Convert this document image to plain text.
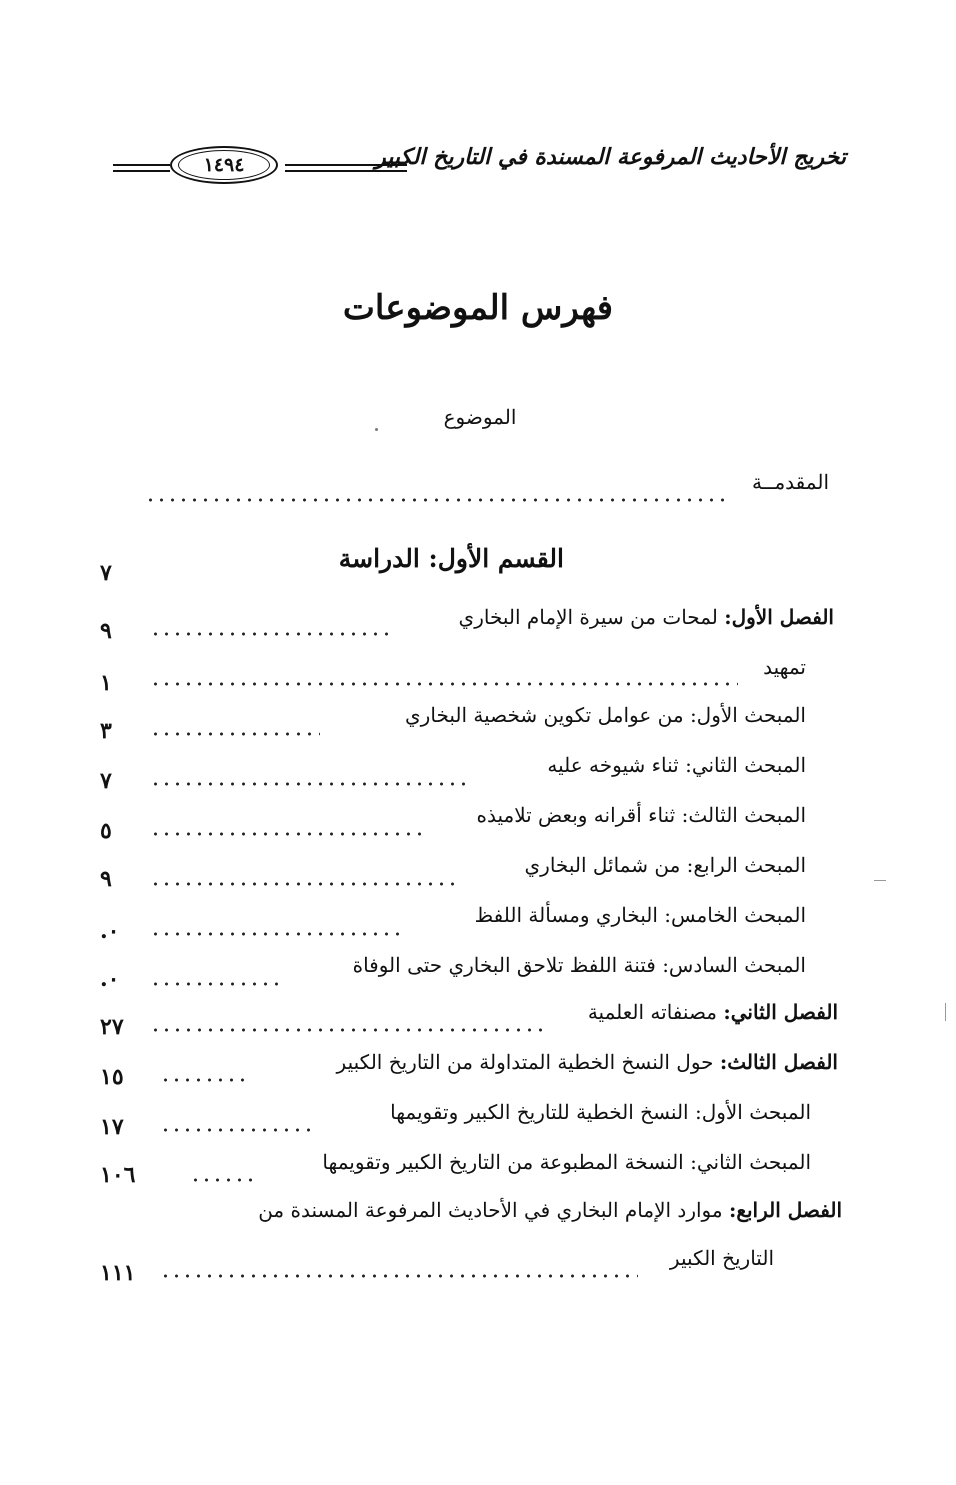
تخريج الأحاديث المرفوعة المسندة في التاريخ الكبير
١٤٩٤
فهرس الموضوعات
الموضوع
المقدمــة
القسم الأول: الدراسة
٧
الفصل الأول: لمحات من سيرة الإمام البخاري
٩
تمهيد
١
المبحث الأول: من عوامل تكوين شخصية البخاري
٣
المبحث الثاني: ثناء شيوخه عليه
٧
المبحث الثالث: ثناء أقرانه وبعض تلاميذه
٥
المبحث الرابع: من شمائل البخاري
٩
المبحث الخامس: البخاري ومسألة اللفظ
٠.
المبحث السادس: فتنة اللفظ تلاحق البخاري حتى الوفاة
٠.
الفصل الثاني: مصنفاته العلمية
٢٧
الفصل الثالث: حول النسخ الخطية المتداولة من التاريخ الكبير
١٥
المبحث الأول: النسخ الخطية للتاريخ الكبير وتقويمها
١٧
المبحث الثاني: النسخة المطبوعة من التاريخ الكبير وتقويمها
١٠٦
الفصل الرابع: موارد الإمام البخاري في الأحاديث المرفوعة المسندة من
التاريخ الكبير
١١١
